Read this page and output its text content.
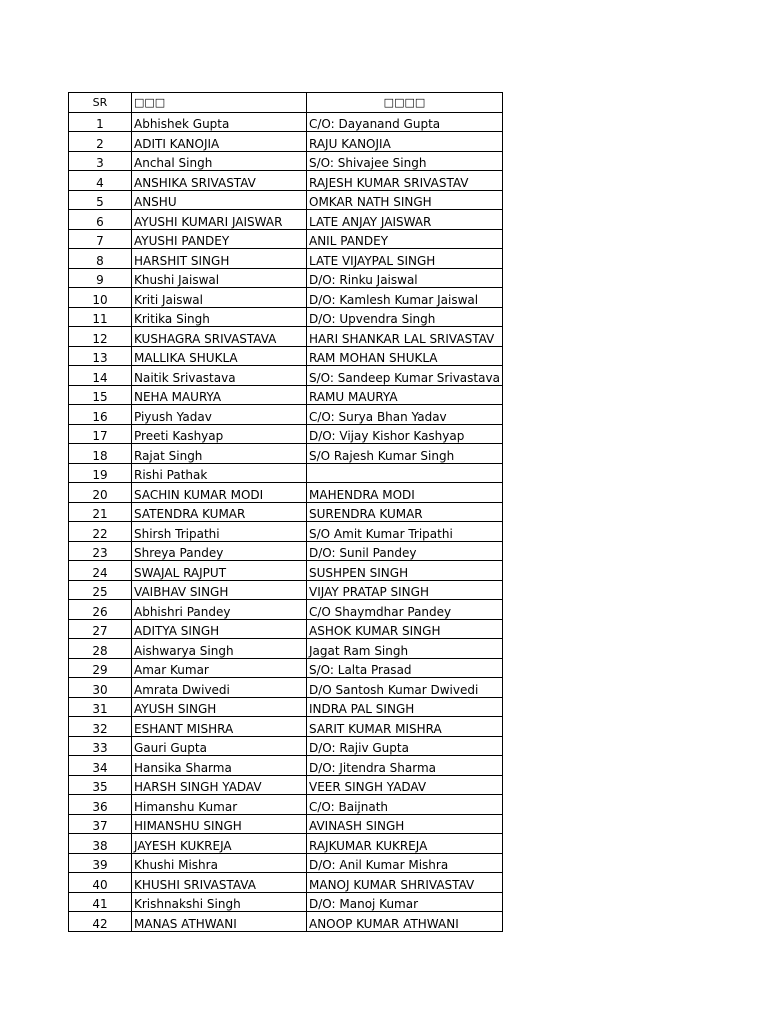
SR	□□□	□□□□
1	Abhishek Gupta	C/O: Dayanand Gupta
2	ADITI KANOJIA	RAJU KANOJIA
3	Anchal Singh	S/O: Shivajee Singh
4	ANSHIKA SRIVASTAV	RAJESH KUMAR SRIVASTAV
5	ANSHU	OMKAR NATH SINGH
6	AYUSHI KUMARI JAISWAR	LATE ANJAY JAISWAR
7	AYUSHI PANDEY	ANIL PANDEY
8	HARSHIT SINGH	LATE VIJAYPAL SINGH
9	Khushi Jaiswal	D/O: Rinku Jaiswal
10	Kriti Jaiswal	D/O: Kamlesh Kumar Jaiswal
11	Kritika Singh	D/O: Upvendra Singh
12	KUSHAGRA SRIVASTAVA	HARI SHANKAR LAL SRIVASTAV
13	MALLIKA SHUKLA	RAM MOHAN SHUKLA
14	Naitik Srivastava	S/O: Sandeep Kumar Srivastava
15	NEHA MAURYA	RAMU MAURYA
16	Piyush Yadav	C/O: Surya Bhan Yadav
17	Preeti Kashyap	D/O: Vijay Kishor Kashyap
18	Rajat Singh	S/O Rajesh Kumar Singh
19	Rishi Pathak	
20	SACHIN KUMAR MODI	MAHENDRA MODI
21	SATENDRA KUMAR	SURENDRA KUMAR
22	Shirsh Tripathi	S/O Amit Kumar Tripathi
23	Shreya Pandey	D/O: Sunil Pandey
24	SWAJAL RAJPUT	SUSHPEN SINGH
25	VAIBHAV SINGH	VIJAY PRATAP SINGH
26	Abhishri Pandey	C/O Shaymdhar Pandey
27	ADITYA SINGH	ASHOK KUMAR SINGH
28	Aishwarya Singh	Jagat Ram Singh
29	Amar Kumar	S/O: Lalta Prasad
30	Amrata Dwivedi	D/O Santosh Kumar Dwivedi
31	AYUSH SINGH	INDRA PAL SINGH
32	ESHANT MISHRA	SARIT KUMAR MISHRA
33	Gauri Gupta	D/O: Rajiv Gupta
34	Hansika Sharma	D/O: Jitendra Sharma
35	HARSH SINGH YADAV	VEER SINGH YADAV
36	Himanshu Kumar	C/O: Baijnath
37	HIMANSHU SINGH	AVINASH SINGH
38	JAYESH KUKREJA	RAJKUMAR KUKREJA
39	Khushi Mishra	D/O: Anil Kumar Mishra
40	KHUSHI SRIVASTAVA	MANOJ KUMAR SHRIVASTAV
41	Krishnakshi Singh	D/O: Manoj Kumar
42	MANAS ATHWANI	ANOOP KUMAR ATHWANI
